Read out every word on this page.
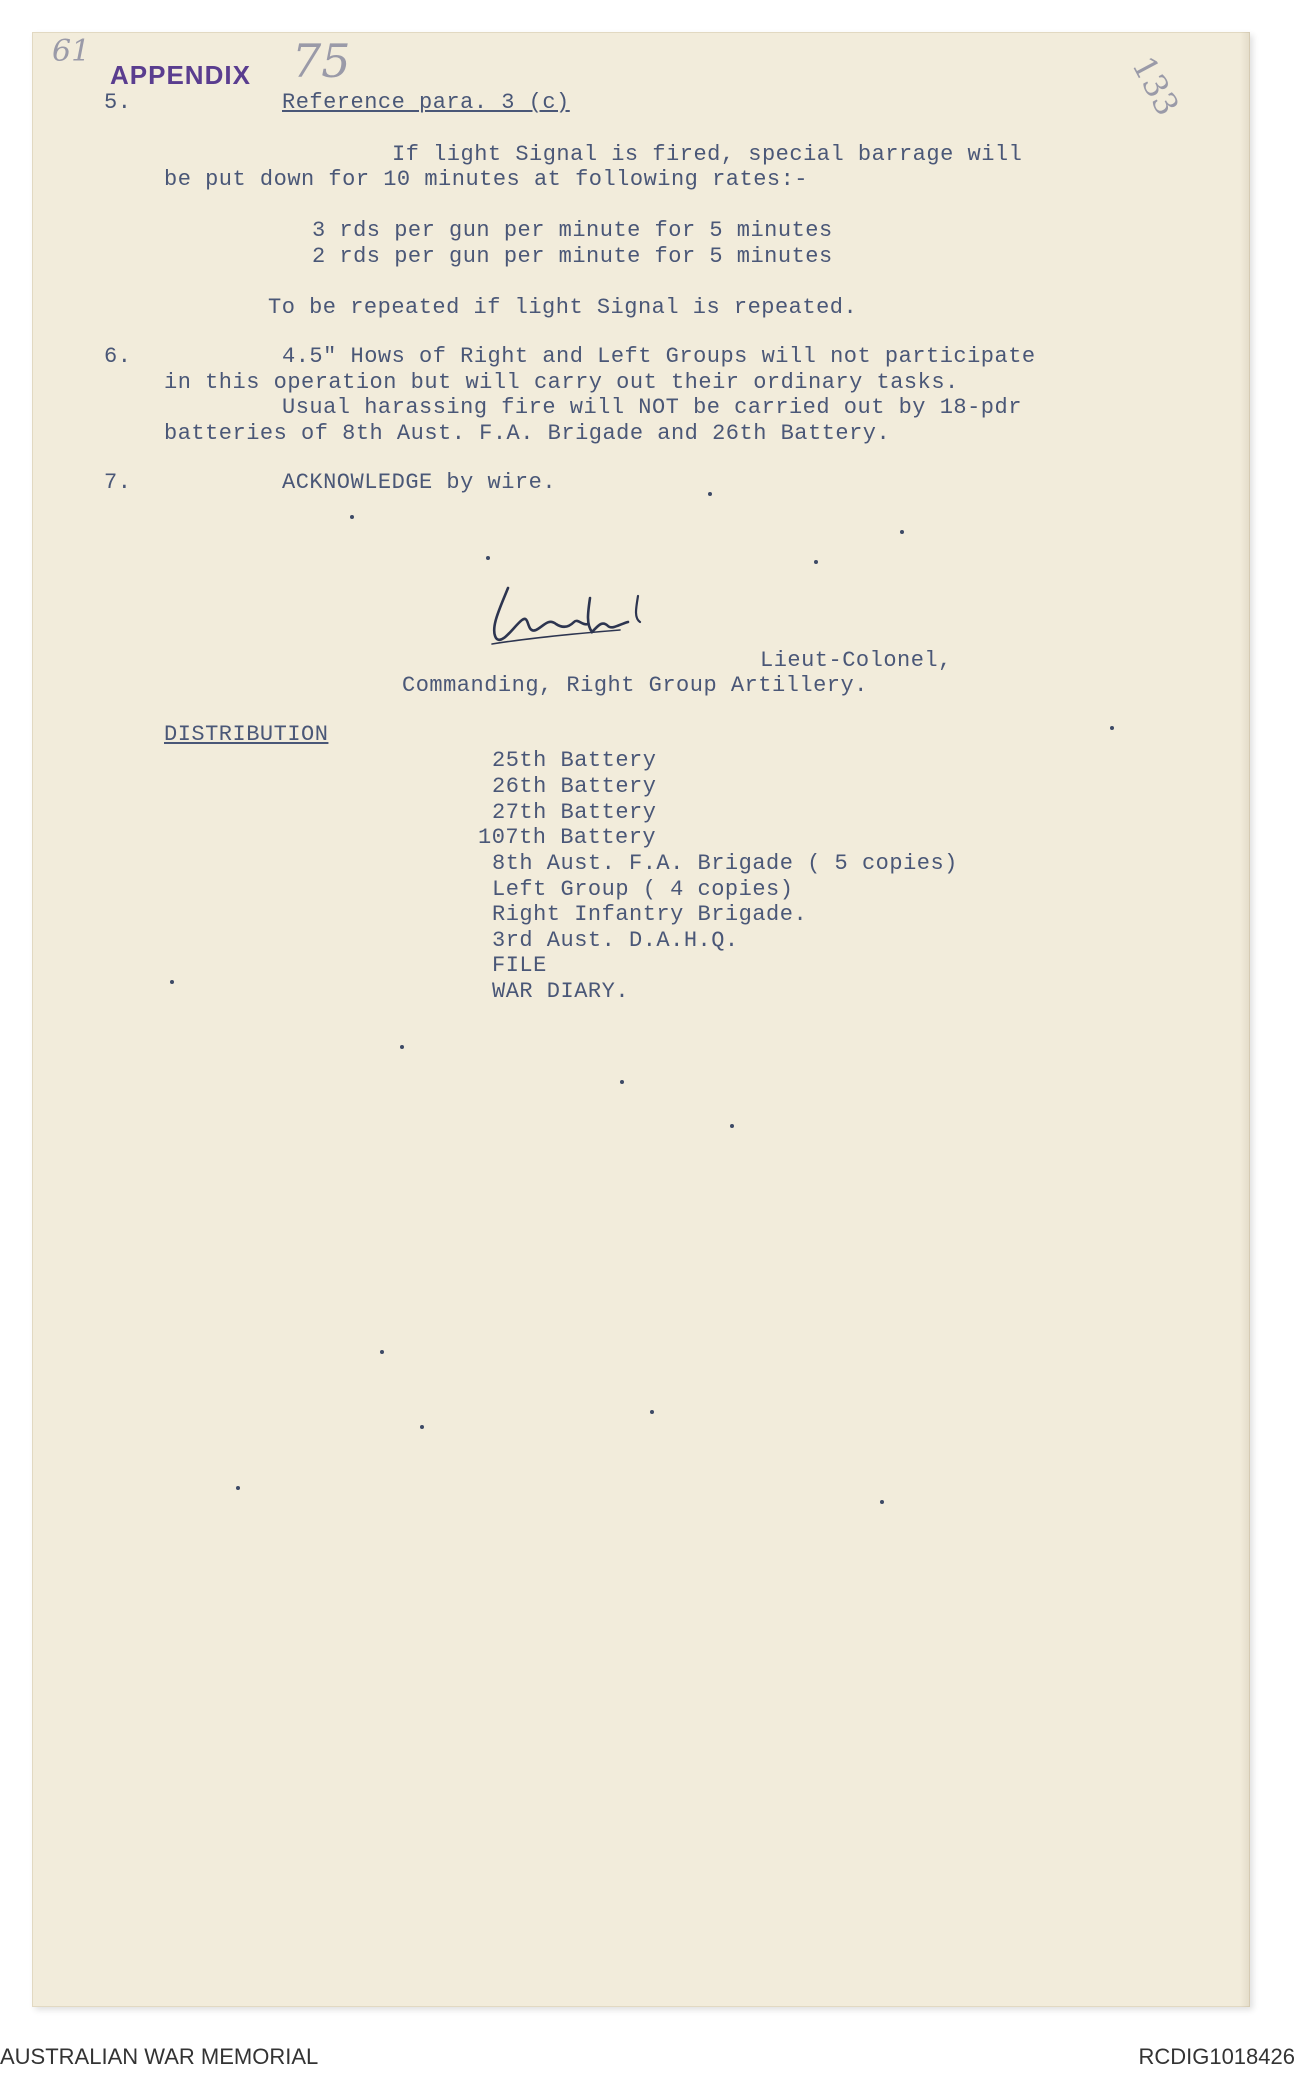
61
APPENDIX 75	133
5.	Reference para. 3 (c)
If light Signal is fired, special barrage will
be put down for 10 minutes at following rates:-
3 rds per gun per minute for 5 minutes
2 rds per gun per minute for 5 minutes
To be repeated if light Signal is repeated.
6.	4.5" Hows of Right and Left Groups will not participate
in this operation but will carry out their ordinary tasks.
Usual harassing fire will NOT be carried out by 18-pdr
batteries of 8th Aust. F.A. Brigade and 26th Battery.
7.	ACKNOWLEDGE by wire.
Lieut-Colonel,
Commanding, Right Group Artillery.
DISTRIBUTION
25th Battery
26th Battery
27th Battery
107th Battery
8th Aust. F.A. Brigade ( 5 copies)
Left Group ( 4 copies)
Right Infantry Brigade.
3rd Aust. D.A.H.Q.
FILE
WAR DIARY.
AUSTRALIAN WAR MEMORIAL	RCDIG1018426
